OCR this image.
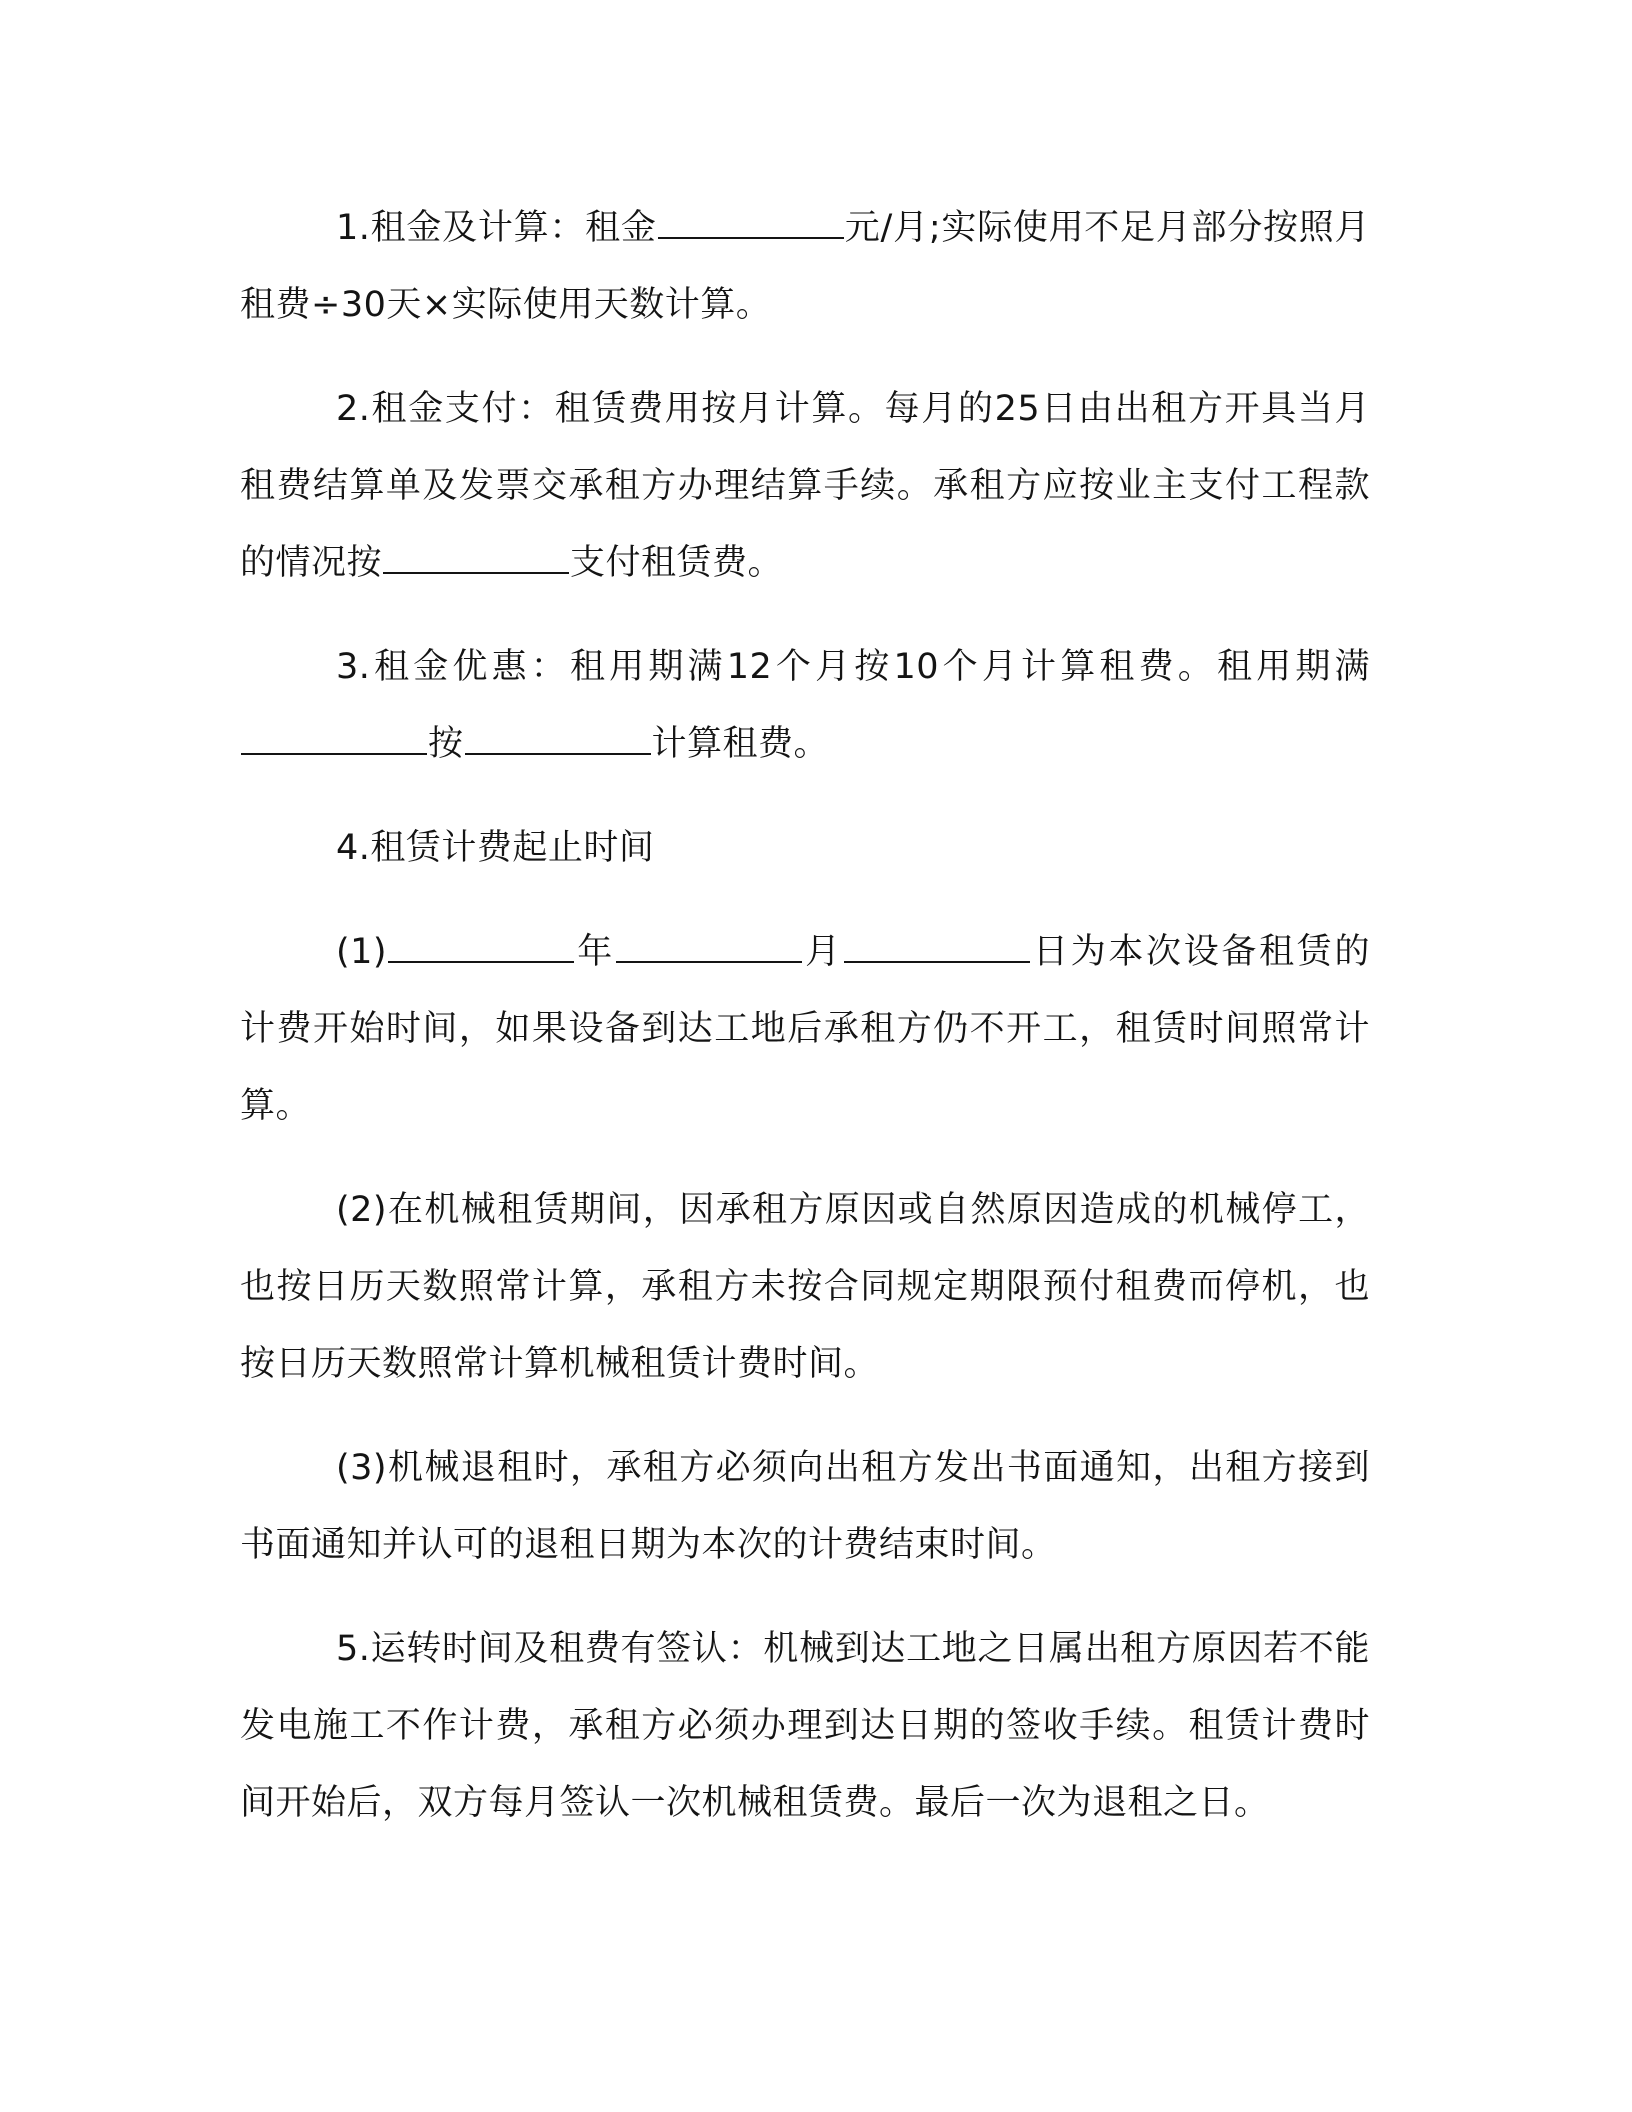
1.租金及计算：租金	元/月;实际使用不足月部分按照月租费÷30天×实际使用天数计算。

2.租金支付：租赁费用按月计算。每月的25日由出租方开具当月租费结算单及发票交承租方办理结算手续。承租方应按业主支付工程款的情况按	支付租赁费。

3.租金优惠：租用期满12个月按10个月计算租费。租用期满按	计算租费。

4.租赁计费起止时间

(1)	年	月	日为本次设备租赁的计费开始时间，如果设备到达工地后承租方仍不开工，租赁时间照常计算。

(2)在机械租赁期间，因承租方原因或自然原因造成的机械停工，也按日历天数照常计算，承租方未按合同规定期限预付租费而停机，也按日历天数照常计算机械租赁计费时间。

(3)机械退租时，承租方必须向出租方发出书面通知，出租方接到书面通知并认可的退租日期为本次的计费结束时间。

5.运转时间及租费有签认：机械到达工地之日属出租方原因若不能发电施工不作计费，承租方必须办理到达日期的签收手续。租赁计费时间开始后，双方每月签认一次机械租赁费。最后一次为退租之日。
